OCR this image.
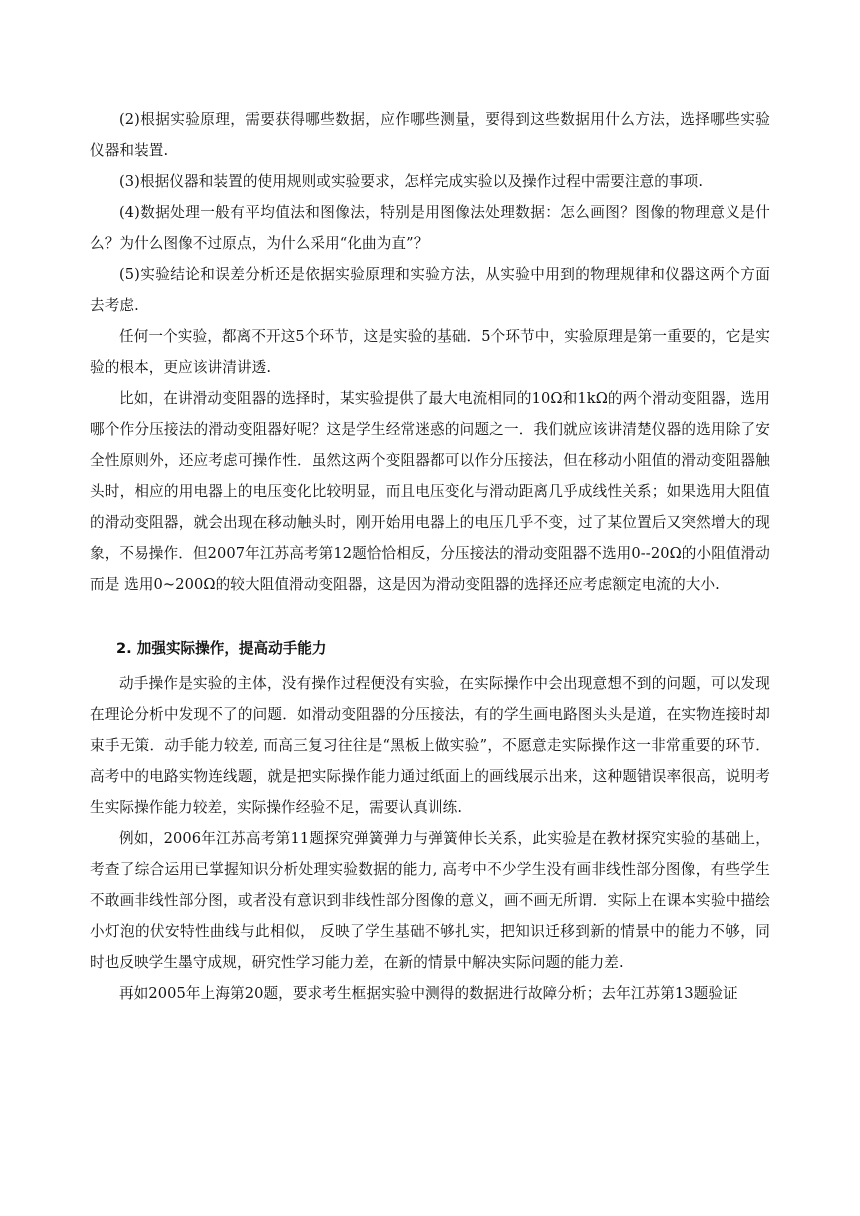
(2)根据实验原理，需要获得哪些数据，应作哪些测量，要得到这些数据用什么方法，选择哪些实验仪器和装置.

(3)根据仪器和装置的使用规则或实验要求，怎样完成实验以及操作过程中需要注意的事项.

(4)数据处理一般有平均值法和图像法，特别是用图像法处理数据：怎么画图？图像的物理意义是什么？为什么图像不过原点，为什么采用“化曲为直”？

(5)实验结论和误差分析还是依据实验原理和实验方法，从实验中用到的物理规律和仪器这两个方面去考虑.

任何一个实验，都离不开这5个环节，这是实验的基础．5个环节中，实验原理是第一重要的，它是实验的根本，更应该讲清讲透.

比如，在讲滑动变阻器的选择时，某实验提供了最大电流相同的10Ω和1kΩ的两个滑动变阻器，选用哪个作分压接法的滑动变阻器好呢？这是学生经常迷惑的问题之一．我们就应该讲清楚仪器的选用除了安全性原则外，还应考虑可操作性．虽然这两个变阻器都可以作分压接法，但在移动小阻值的滑动变阻器触头时，相应的用电器上的电压变化比较明显，而且电压变化与滑动距离几乎成线性关系；如果选用大阻值的滑动变阻器，就会出现在移动触头时，刚开始用电器上的电压几乎不变，过了某位置后又突然增大的现象，不易操作．但2007年江苏高考第12题恰恰相反，分压接法的滑动变阻器不选用0--20Ω的小阻值滑动而是 选用0~200Ω的较大阻值滑动变阻器，这是因为滑动变阻器的选择还应考虑额定电流的大小.

2. 加强实际操作，提高动手能力

动手操作是实验的主体，没有操作过程便没有实验，在实际操作中会出现意想不到的问题，可以发现在理论分析中发现不了的问题．如滑动变阻器的分压接法，有的学生画电路图头头是道，在实物连接时却束手无策．动手能力较差, 而高三复习往往是“黑板上做实验”，不愿意走实际操作这一非常重要的环节．高考中的电路实物连线题，就是把实际操作能力通过纸面上的画线展示出来，这种题错误率很高，说明考生实际操作能力较差，实际操作经验不足，需要认真训练.

例如，2006年江苏高考第11题探究弹簧弹力与弹簧伸长关系，此实验是在教材探究实验的基础上，考查了综合运用已掌握知识分析处理实验数据的能力, 高考中不少学生没有画非线性部分图像，有些学生不敢画非线性部分图，或者没有意识到非线性部分图像的意义，画不画无所谓．实际上在课本实验中描绘小灯泡的伏安特性曲线与此相似， 反映了学生基础不够扎实，把知识迁移到新的情景中的能力不够，同时也反映学生墨守成规，研究性学习能力差，在新的情景中解决实际问题的能力差.

再如2005年上海第20题，要求考生框据实验中测得的数据进行故障分析；去年江苏第13题验证
